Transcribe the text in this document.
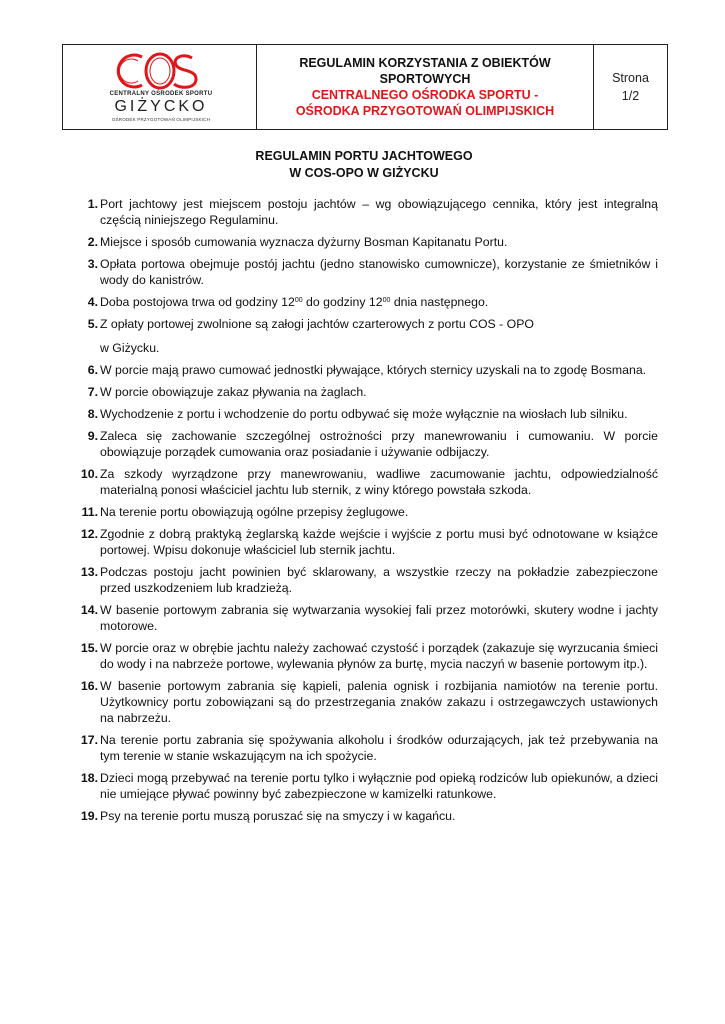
CENTRALNY OŚRODEK SPORTU
GIŻYCKO
OŚRODEK PRZYGOTOWAŃ OLIMPIJSKICH
REGULAMIN KORZYSTANIA Z OBIEKTÓW
SPORTOWYCH
CENTRALNEGO OŚRODKA SPORTU -
OŚRODKA PRZYGOTOWAŃ OLIMPIJSKICH
Strona
1/2
REGULAMIN PORTU JACHTOWEGO
W COS-OPO W GIŻYCKU
1. Port jachtowy jest miejscem postoju jachtów – wg obowiązującego cennika, który jest integralną częścią niniejszego Regulaminu.
2. Miejsce i sposób cumowania wyznacza dyżurny Bosman Kapitanatu Portu.
3. Opłata portowa obejmuje postój jachtu (jedno stanowisko cumownicze), korzystanie ze śmietników i wody do kanistrów.
4. Doba postojowa trwa od godziny $12^{00}$ do godziny $12^{00}$ dnia następnego.
5. Z opłaty portowej zwolnione są załogi jachtów czarterowych z portu COS - OPO
w Giżycku.
6. W porcie mają prawo cumować jednostki pływające, których sternicy uzyskali na to zgodę Bosmana.
7. W porcie obowiązuje zakaz pływania na żaglach.
8. Wychodzenie z portu i wchodzenie do portu odbywać się może wyłącznie na wiosłach lub silniku.
9. Zaleca się zachowanie szczególnej ostrożności przy manewrowaniu i cumowaniu. W porcie obowiązuje porządek cumowania oraz posiadanie i używanie odbijaczy.
10. Za szkody wyrządzone przy manewrowaniu, wadliwe zacumowanie jachtu, odpowiedzialność materialną ponosi właściciel jachtu lub sternik, z winy którego powstała szkoda.
11. Na terenie portu obowiązują ogólne przepisy żeglugowe.
12. Zgodnie z dobrą praktyką żeglarską każde wejście i wyjście z portu musi być odnotowane w książce portowej. Wpisu dokonuje właściciel lub sternik jachtu.
13. Podczas postoju jacht powinien być sklarowany, a wszystkie rzeczy na pokładzie zabezpieczone przed uszkodzeniem lub kradzieżą.
14. W basenie portowym zabrania się wytwarzania wysokiej fali przez motorówki, skutery wodne i jachty motorowe.
15. W porcie oraz w obrębie jachtu należy zachować czystość i porządek (zakazuje się wyrzucania śmieci do wody i na nabrzeże portowe, wylewania płynów za burtę, mycia naczyń w basenie portowym itp.).
16. W basenie portowym zabrania się kąpieli, palenia ognisk i rozbijania namiotów na terenie portu. Użytkownicy portu zobowiązani są do przestrzegania znaków zakazu i ostrzegawczych ustawionych na nabrzeżu.
17. Na terenie portu zabrania się spożywania alkoholu i środków odurzających, jak też przebywania na tym terenie w stanie wskazującym na ich spożycie.
18. Dzieci mogą przebywać na terenie portu tylko i wyłącznie pod opieką rodziców lub opiekunów, a dzieci nie umiejące pływać powinny być zabezpieczone w kamizelki ratunkowe.
19. Psy na terenie portu muszą poruszać się na smyczy i w kagańcu.
